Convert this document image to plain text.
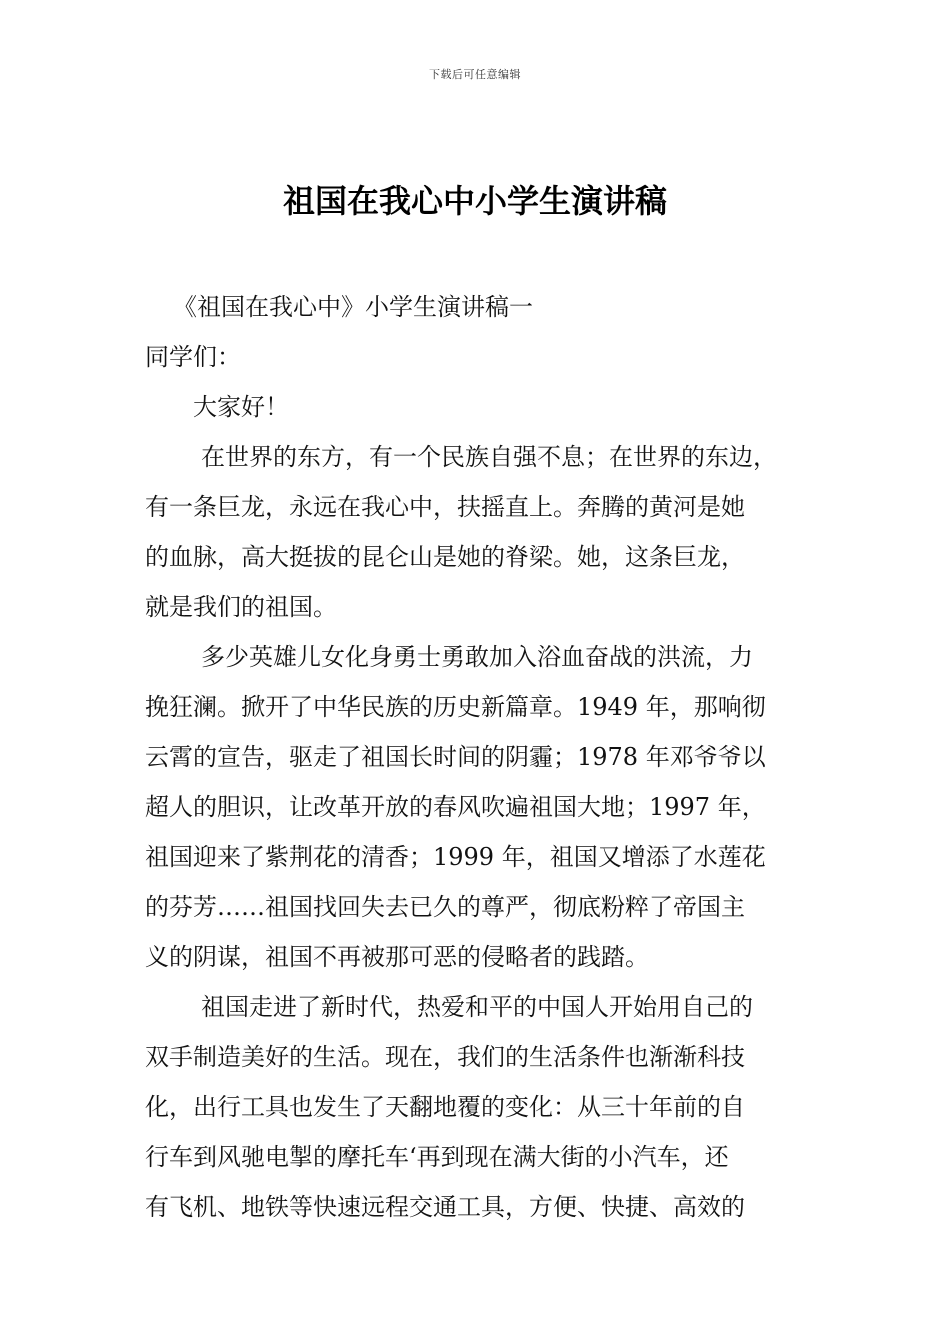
下载后可任意编辑
祖国在我心中小学生演讲稿
《祖国在我心中》小学生演讲稿一
同学们：
大家好！
在世界的东方，有一个民族自强不息；在世界的东边，
有一条巨龙，永远在我心中，扶摇直上。奔腾的黄河是她
的血脉，高大挺拔的昆仑山是她的脊梁。她，这条巨龙，
就是我们的祖国。
多少英雄儿女化身勇士勇敢加入浴血奋战的洪流，力
挽狂澜。掀开了中华民族的历史新篇章。1949 年，那响彻
云霄的宣告，驱走了祖国长时间的阴霾；1978 年邓爷爷以
超人的胆识，让改革开放的春风吹遍祖国大地；1997 年，
祖国迎来了紫荆花的清香；1999 年，祖国又增添了水莲花
的芬芳……祖国找回失去已久的尊严，彻底粉粹了帝国主
义的阴谋，祖国不再被那可恶的侵略者的践踏。
祖国走进了新时代，热爱和平的中国人开始用自己的
双手制造美好的生活。现在，我们的生活条件也渐渐科技
化，出行工具也发生了天翻地覆的变化：从三十年前的自
行车到风驰电掣的摩托车‘再到现在满大街的小汽车，还
有飞机、地铁等快速远程交通工具，方便、快捷、高效的
